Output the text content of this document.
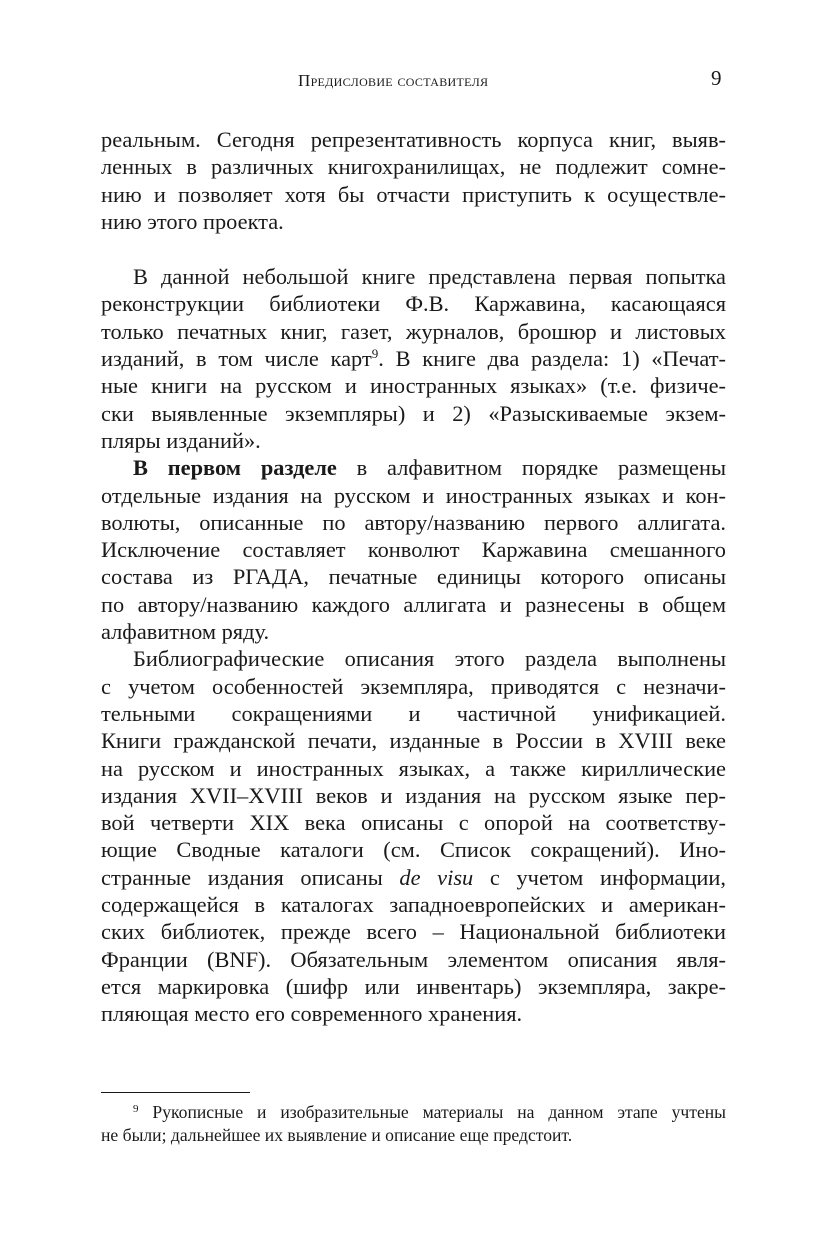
Предисловие составителя	9
реальным. Сегодня репрезентативность корпуса книг, выяв-
ленных в различных книгохранилищах, не подлежит сомне-
нию и позволяет хотя бы отчасти приступить к осуществле-
нию этого проекта.
В данной небольшой книге представлена первая попытка
реконструкции библиотеки Ф.В. Каржавина, касающаяся
только печатных книг, газет, журналов, брошюр и листовых
изданий, в том числе карт$^9$. В книге два раздела: 1) «Печат-
ные книги на русском и иностранных языках» (т.е. физиче-
ски выявленные экземпляры) и 2) «Разыскиваемые экзем-
пляры изданий».
В первом разделе в алфавитном порядке размещены
отдельные издания на русском и иностранных языках и кон-
волюты, описанные по автору/названию первого аллигата.
Исключение составляет конволют Каржавина смешанного
состава из РГАДА, печатные единицы которого описаны
по автору/названию каждого аллигата и разнесены в общем
алфавитном ряду.
Библиографические описания этого раздела выполнены
с учетом особенностей экземпляра, приводятся с незначи-
тельными сокращениями и частичной унификацией.
Книги гражданской печати, изданные в России в XVIII веке
на русском и иностранных языках, а также кириллические
издания XVII–XVIII веков и издания на русском языке пер-
вой четверти XIX века описаны с опорой на соответству-
ющие Сводные каталоги (см. Список сокращений). Ино-
странные издания описаны de visu с учетом информации,
содержащейся в каталогах западноевропейских и американ-
ских библиотек, прежде всего – Национальной библиотеки
Франции (BNF). Обязательным элементом описания явля-
ется маркировка (шифр или инвентарь) экземпляра, закре-
пляющая место его современного хранения.
$^9$ Рукописные и изобразительные материалы на данном этапе учтены
не были; дальнейшее их выявление и описание еще предстоит.
